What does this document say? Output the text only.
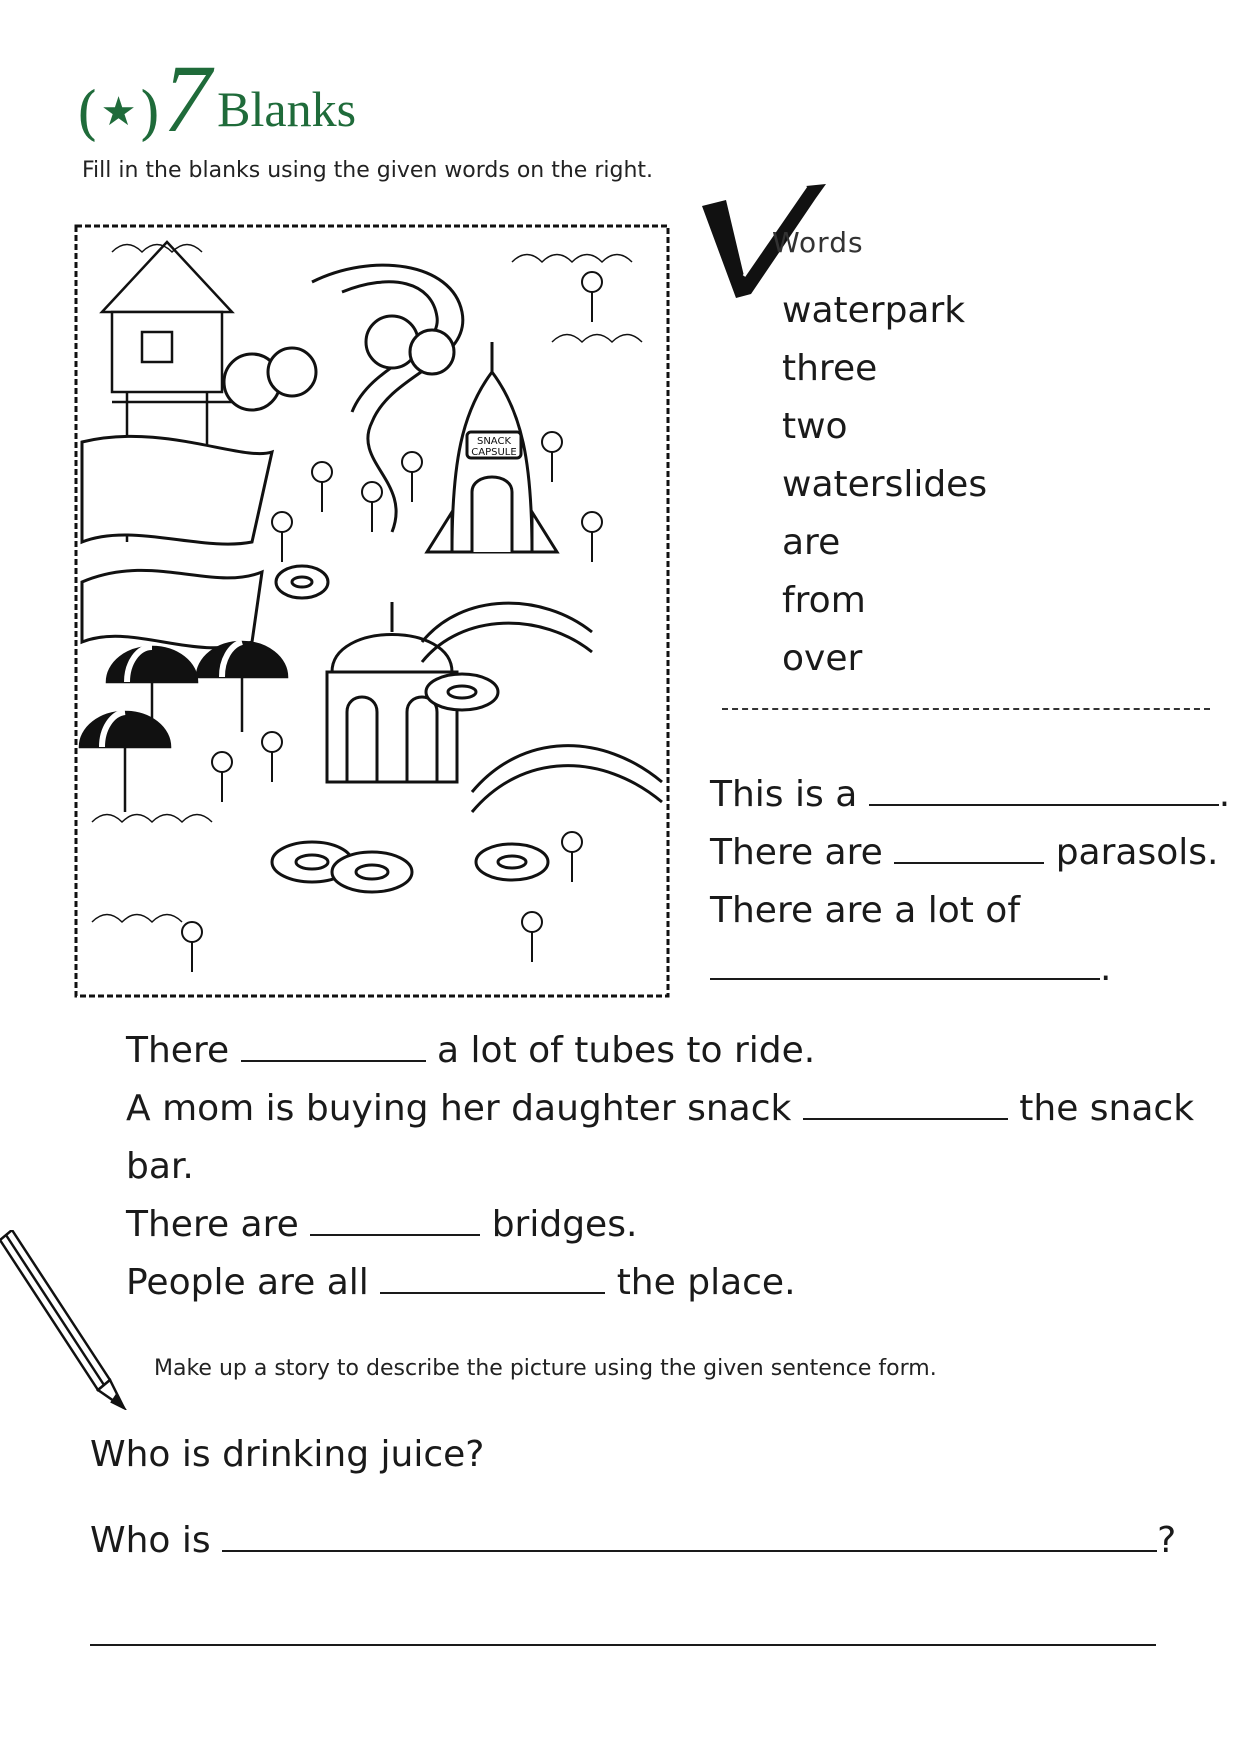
( ★ ) 7 Blanks
Fill in the blanks using the given words on the right.
SNACK
CAPSULE
Words
waterpark
three
two
waterslides
are
from
over
This is a	.
There are	parasols.
There are a lot of
.
There	a lot of tubes to ride.
A mom is buying her daughter snack	the snack bar.
There are	bridges.
People are all	the place.
Make up a story to describe the picture using the given sentence form.
Who is drinking juice?
Who is	?
